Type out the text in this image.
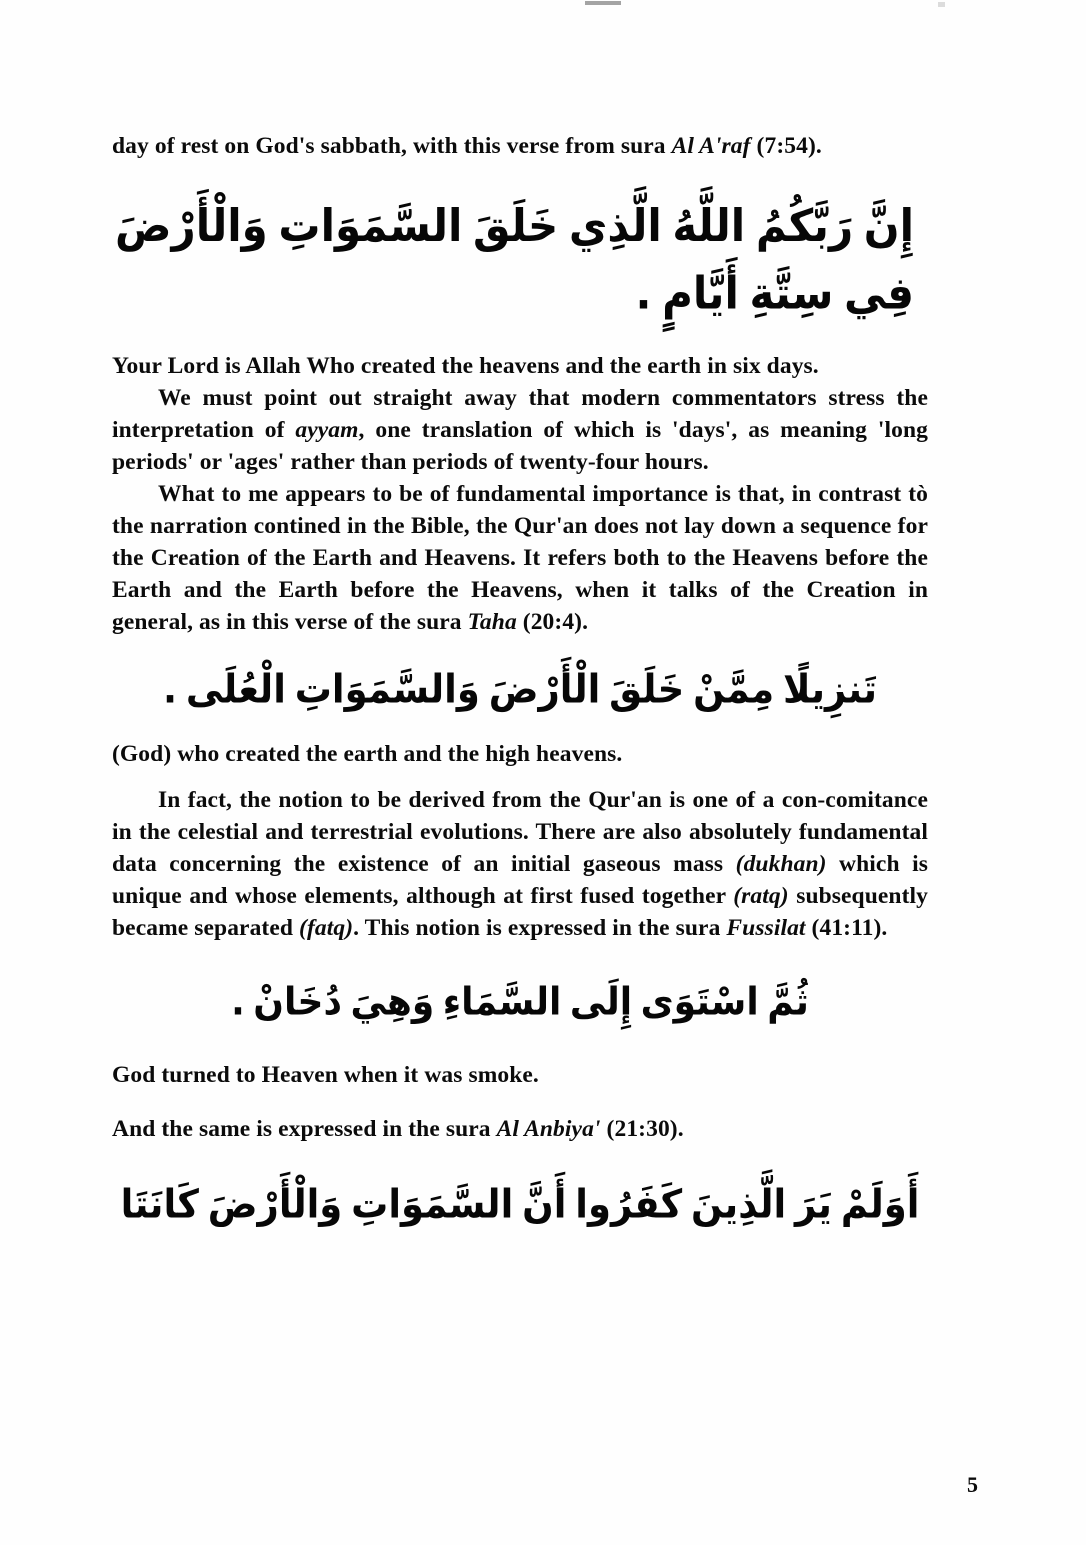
day of rest on God's sabbath, with this verse from sura Al A'raf (7:54).

إِنَّ رَبَّكُمُ اللَّهُ الَّذِي خَلَقَ السَّمَوَاتِ وَالْأَرْضَ
فِي سِتَّةِ أَيَّامٍ .

Your Lord is Allah Who created the heavens and the earth in six days.

We must point out straight away that modern commentators stress the interpretation of ayyam, one translation of which is 'days', as meaning 'long periods' or 'ages' rather than periods of twenty-four hours.

What to me appears to be of fundamental importance is that, in contrast tò the narration contined in the Bible, the Qur'an does not lay down a sequence for the Creation of the Earth and Heavens. It refers both to the Heavens before the Earth and the Earth before the Heavens, when it talks of the Creation in general, as in this verse of the sura Taha (20:4).

تَنزِيلًا مِمَّنْ خَلَقَ الْأَرْضَ وَالسَّمَوَاتِ الْعُلَى .

(God) who created the earth and the high heavens.

In fact, the notion to be derived from the Qur'an is one of a con-comitance in the celestial and terrestrial evolutions. There are also absolutely fundamental data concerning the existence of an initial gaseous mass (dukhan) which is unique and whose elements, although at first fused together (ratq) subsequently became separated (fatq). This notion is expressed in the sura Fussilat (41:11).

ثُمَّ اسْتَوَى إِلَى السَّمَاءِ وَهِيَ دُخَانْ .

God turned to Heaven when it was smoke.

And the same is expressed in the sura Al Anbiya' (21:30).

أَوَلَمْ يَرَ الَّذِينَ كَفَرُوا أَنَّ السَّمَوَاتِ وَالْأَرْضَ كَانَتَا
5
